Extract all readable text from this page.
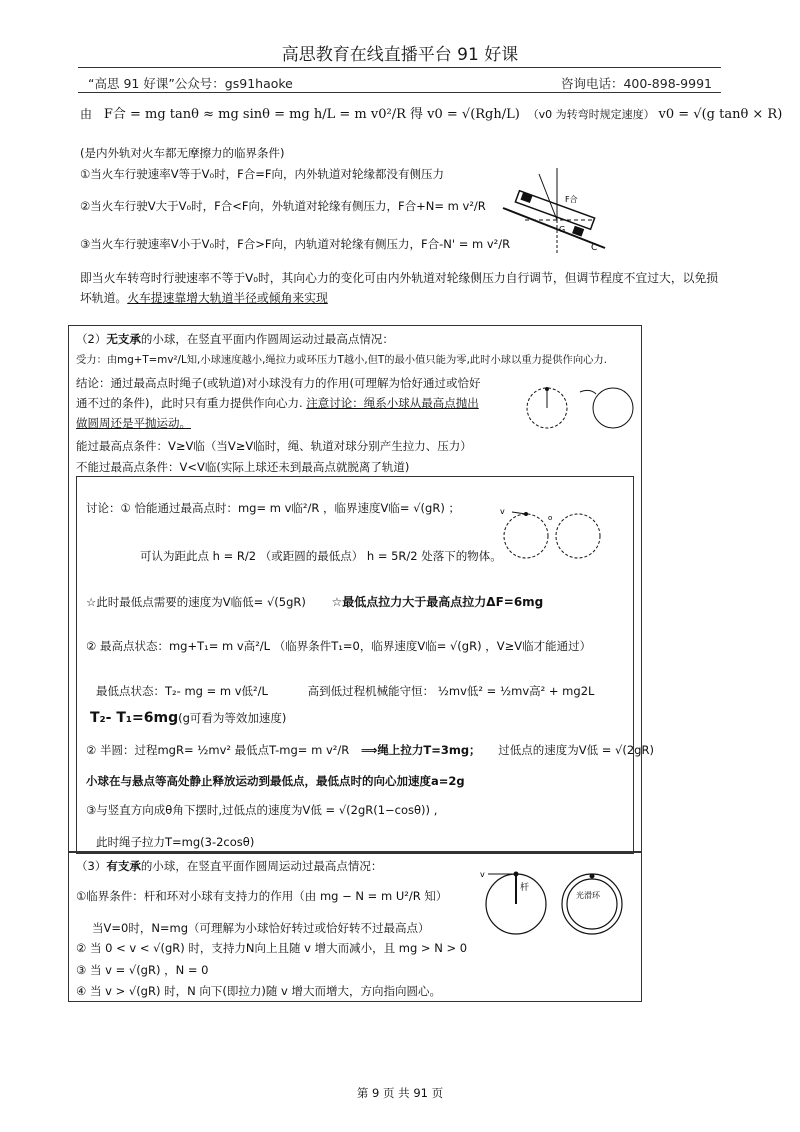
高思教育在线直播平台 91 好课
“高思 91 好课”公众号：gs91haoke	咨询电话：400-898-9991
由 F合 = mg tanθ ≈ mg sinθ = mg h/L = m v0²/R 得 v0 = √(Rgh/L) （v0 为转弯时规定速度） v0 = √(g tanθ × R)
(是内外轨对火车都无摩擦力的临界条件)
①当火车行驶速率V等于V₀时，F合=F向，内外轨道对轮缘都没有侧压力
②当火车行驶V大于V₀时，F合<F向，外轨道对轮缘有侧压力，F合+N= m v²/R
③当火车行驶速率V小于V₀时，F合>F向，内轨道对轮缘有侧压力，F合-N' = m v²/R
G
F合
C
即当火车转弯时行驶速率不等于V₀时，其向心力的变化可由内外轨道对轮缘侧压力自行调节，但调节程度不宜过大，以免损
坏轨道。火车提速靠增大轨道半径或倾角来实现
（2）无支承的小球，在竖直平面内作圆周运动过最高点情况：
受力：由mg+T=mv²/L知,小球速度越小,绳拉力或环压力T越小,但T的最小值只能为零,此时小球以重力提供作向心力.
结论：通过最高点时绳子(或轨道)对小球没有力的作用(可理解为恰好通过或恰好
通不过的条件)，此时只有重力提供作向心力. 注意讨论：绳系小球从最高点抛出
做圆周还是平抛运动。
能过最高点条件：V≥V临（当V≥V临时，绳、轨道对球分别产生拉力、压力）
不能过最高点条件：V<V临(实际上球还未到最高点就脱离了轨道)
讨论：① 恰能通过最高点时：mg= m v临²/R ，临界速度V临= √(gR) ；	v
o
可认为距此点 h = R/2 （或距圆的最低点） h = 5R/2 处落下的物体。
☆此时最低点需要的速度为V临低= √(5gR) ☆最低点拉力大于最高点拉力ΔF=6mg
② 最高点状态：mg+T₁= m v高²/L （临界条件T₁=0，临界速度V临= √(gR) ，V≥V临才能通过）
最低点状态：T₂- mg = m v低²/L	高到低过程机械能守恒： ½mv低² = ½mv高² + mg2L
T₂- T₁=6mg(g可看为等效加速度)
② 半圆：过程mgR= ½mv² 最低点T-mg= m v²/R ⟹绳上拉力T=3mg； 过低点的速度为V低 = √(2gR)
小球在与悬点等高处静止释放运动到最低点，最低点时的向心加速度a=2g
③与竖直方向成θ角下摆时,过低点的速度为V低 = √(2gR(1−cosθ)) ,
此时绳子拉力T=mg(3-2cosθ)
（3）有支承的小球，在竖直平面作圆周运动过最高点情况：
①临界条件：杆和环对小球有支持力的作用（由 mg − N = m U²/R 知）
当V=0时，N=mg（可理解为小球恰好转过或恰好转不过最高点）
② 当 0 < v < √(gR) 时，支持力N向上且随 v 增大而减小，且 mg > N > 0
③ 当 v = √(gR) ，N = 0
④ 当 v > √(gR) 时，N 向下(即拉力)随 v 增大而增大，方向指向圆心。
v
杆
光滑环
第 9 页 共 91 页
